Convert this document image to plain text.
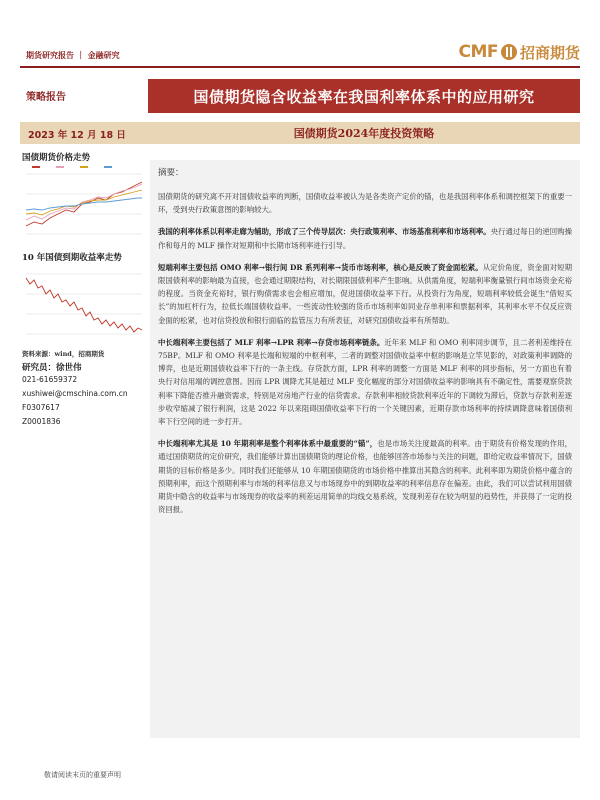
期货研究报告 ｜ 金融研究	CMF 招商期货
策略报告	国债期货隐含收益率在我国利率体系中的应用研究
2023 年 12 月 18 日	国债期货2024年度投资策略
国债期货价格走势
10 年国债到期收益率走势
资料来源：wind，招商期货
研究员：徐世伟
021-61659372
xushiwei@cmschina.com.cn
F0307617
Z0001836
摘要：

国债期货的研究离不开对国债收益率的判断，国债收益率被认为是各类资产定价的锚，也是我国利率体系和调控框架下的重要一环，受到央行政策意图的影响较大。

我国的利率体系以利率走廊为辅助，形成了三个传导层次：央行政策利率、市场基准利率和市场利率。央行通过每日的逆回购操作和每月的 MLF 操作对短期和中长期市场利率进行引导。

短端利率主要包括 OMO 利率→银行间 DR 系列利率→货币市场利率，核心是反映了资金面松紧。从定价角度，资金面对短期限国债利率的影响最为直接，也会通过期限结构，对长期限国债利率产生影响。从供需角度，短端利率衡量银行间市场资金充裕的程度。当资金充裕时，银行购债需求也会相应增加，促进国债收益率下行。从投资行为角度，短端利率较低会诞生“借短买长”的加杠杆行为，拉低长端国债收益率。一些流动性较强的货币市场利率如同业存单利率和票据利率，其利率水平不仅反应资金面的松紧，也对信贷投放和银行面临的监管压力有所表征，对研究国债收益率有所帮助。

中长端利率主要包括了 MLF 利率→LPR 利率→存贷市场利率链条。近年来 MLF 和 OMO 利率同步调节，且二者利差维持在 75BP。MLF 和 OMO 利率是长端和短端的中枢利率，二者的调整对国债收益率中枢的影响是立竿见影的，对政策利率调降的博弈，也是近期国债收益率下行的一条主线。存贷款方面，LPR 利率的调整一方面是 MLF 利率的同步指标，另一方面也有着央行对信用端的调控意图。因而 LPR 调降尤其是超过 MLF 变化幅度的部分对国债收益率的影响具有不确定性，需要观察贷款利率下降能否推升融资需求，特别是对房地产行业的信贷需求。存款利率相较贷款利率近年的下调较为滞后，贷款与存款利差逐步收窄缩减了银行利润，这是 2022 年以来阻碍国债收益率下行的一个关键因素，近期存款市场利率的持续调降意味着国债利率下行空间的进一步打开。

中长端利率尤其是 10 年期利率是整个利率体系中最重要的“锚”，也是市场关注度最高的利率。由于期货有价格发现的作用，通过国债期货的定价研究，我们能够计算出国债期货的理论价格，也能够回答市场参与关注的问题，即给定收益率情况下，国债期货的目标价格是多少。同时我们还能够从 10 年期国债期货的市场价格中推算出其隐含的利率。此利率即为期货价格中蕴含的预期利率，而这个预期利率与市场的利率信息又与市场现券中的到期收益率的利率信息存在偏差。由此，我们可以尝试利用国债期货中隐含的收益率与市场现券的收益率的利差运用简单的均线交易系统，发现利差存在较为明显的趋势性，并获得了一定的投资回报。

敬请阅读末页的重要声明
